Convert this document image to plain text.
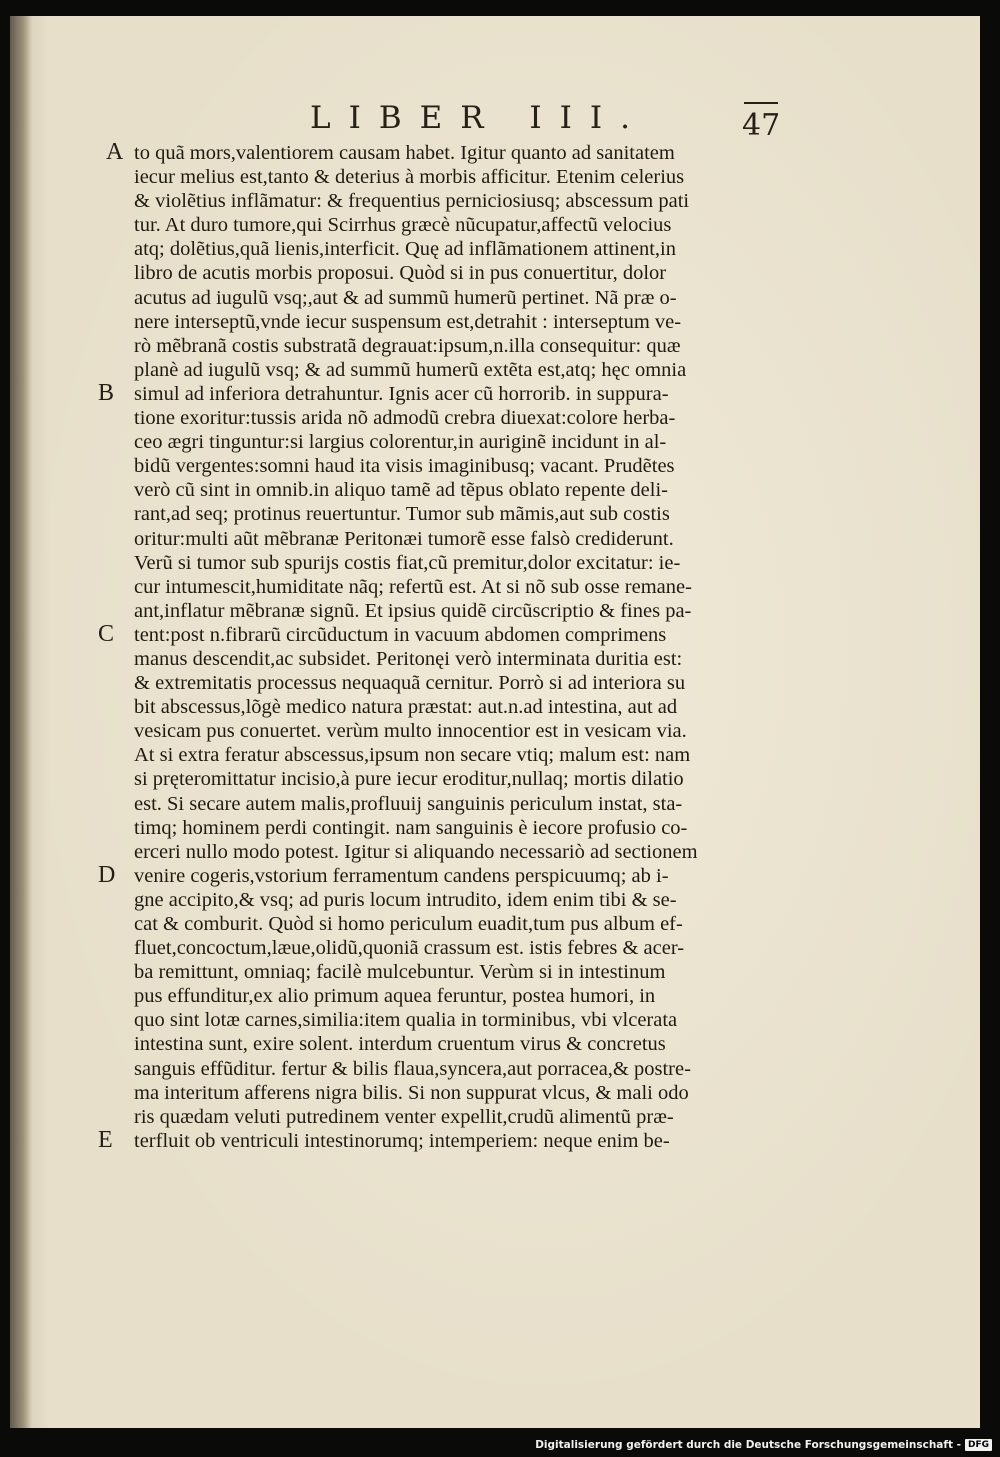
LIBER III.	47
A
B
C
D
E
to quã mors,valentiorem causam habet. Igitur quanto ad sanitatem
iecur melius est,tanto & deterius à morbis afficitur. Etenim celerius
& violẽtius inflãmatur: & frequentius perniciosiusq; abscessum pati
tur. At duro tumore,qui Scirrhus græcè nũcupatur,affectũ velocius
atq; dolẽtius,quã lienis,interficit. Quę ad inflãmationem attinent,in
libro de acutis morbis proposui. Quòd si in pus conuertitur, dolor
acutus ad iugulũ vsq;,aut & ad summũ humerũ pertinet. Nã præ o-
nere interseptũ,vnde iecur suspensum est,detrahit : interseptum ve-
rò mẽbranã costis substratã degrauat:ipsum,n.illa consequitur: quæ
planè ad iugulũ vsq; & ad summũ humerũ extẽta est,atq; hęc omnia
simul ad inferiora detrahuntur. Ignis acer cũ horrorib. in suppura-
tione exoritur:tussis arida nõ admodũ crebra diuexat:colore herba-
ceo ægri tinguntur:si largius colorentur,in auriginẽ incidunt in al-
bidũ vergentes:somni haud ita visis imaginibusq; vacant. Prudẽtes
verò cũ sint in omnib.in aliquo tamẽ ad tẽpus oblato repente deli-
rant,ad seq; protinus reuertuntur. Tumor sub mãmis,aut sub costis
oritur:multi aũt mẽbranæ Peritonæi tumorẽ esse falsò crediderunt.
Verũ si tumor sub spurijs costis fiat,cũ premitur,dolor excitatur: ie-
cur intumescit,humiditate nãq; refertũ est. At si nõ sub osse remane-
ant,inflatur mẽbranæ signũ. Et ipsius quidẽ circũscriptio & fines pa-
tent:post n.fibrarũ circũductum in vacuum abdomen comprimens
manus descendit,ac subsidet. Peritonęi verò interminata duritia est:
& extremitatis processus nequaquã cernitur. Porrò si ad interiora su
bit abscessus,lõgè medico natura præstat: aut.n.ad intestina, aut ad
vesicam pus conuertet. verùm multo innocentior est in vesicam via.
At si extra feratur abscessus,ipsum non secare vtiq; malum est: nam
si pręteromittatur incisio,à pure iecur eroditur,nullaq; mortis dilatio
est. Si secare autem malis,profluuij sanguinis periculum instat, sta-
timq; hominem perdi contingit. nam sanguinis è iecore profusio co-
erceri nullo modo potest. Igitur si aliquando necessariò ad sectionem
venire cogeris,vstorium ferramentum candens perspicuumq; ab i-
gne accipito,& vsq; ad puris locum intrudito, idem enim tibi & se-
cat & comburit. Quòd si homo periculum euadit,tum pus album ef-
fluet,concoctum,læue,olidũ,quoniã crassum est. istis febres & acer-
ba remittunt, omniaq; facilè mulcebuntur. Verùm si in intestinum
pus effunditur,ex alio primum aquea feruntur, postea humori, in
quo sint lotæ carnes,similia:item qualia in torminibus, vbi vlcerata
intestina sunt, exire solent. interdum cruentum virus & concretus
sanguis effũditur. fertur & bilis flaua,syncera,aut porracea,& postre-
ma interitum afferens nigra bilis. Si non suppurat vlcus, & mali odo
ris quædam veluti putredinem venter expellit,crudũ alimentũ præ-
terfluit ob ventriculi intestinorumq; intemperiem: neque enim be-
Digitalisierung gefördert durch die Deutsche Forschungsgemeinschaft - DFG
